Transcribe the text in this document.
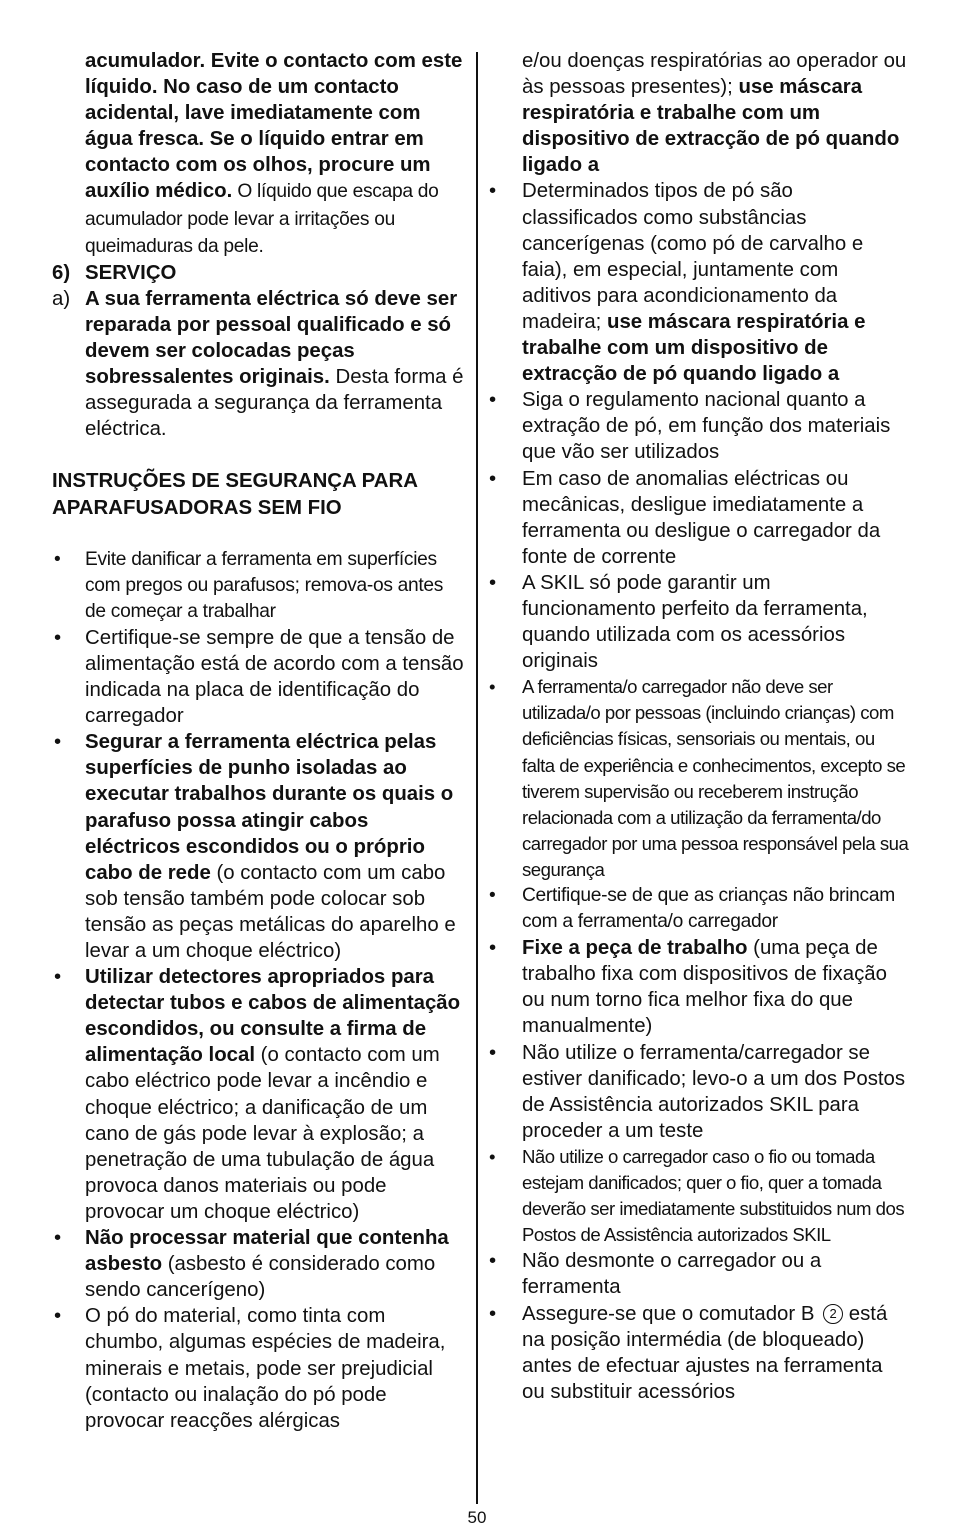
acumulador. Evite o contacto com este líquido. No caso de um contacto acidental, lave imediatamente com água fresca. Se o líquido entrar em contacto com os olhos, procure um auxílio médico. O líquido que escapa do acumulador pode levar a irritações ou queimaduras da pele.

6) SERVIÇO

a) A sua ferramenta eléctrica só deve ser reparada por pessoal qualificado e só devem ser colocadas peças sobressalentes originais. Desta forma é assegurada a segurança da ferramenta eléctrica.

INSTRUÇÕES DE SEGURANÇA PARA APARAFUSADORAS SEM FIO

• Evite danificar a ferramenta em superfícies com pregos ou parafusos; remova-os antes de começar a trabalhar

• Certifique-se sempre de que a tensão de alimentação está de acordo com a tensão indicada na placa de identificação do carregador

• Segurar a ferramenta eléctrica pelas superfícies de punho isoladas ao executar trabalhos durante os quais o parafuso possa atingir cabos eléctricos escondidos ou o próprio cabo de rede (o contacto com um cabo sob tensão também pode colocar sob tensão as peças metálicas do aparelho e levar a um choque eléctrico)

• Utilizar detectores apropriados para detectar tubos e cabos de alimentação escondidos, ou consulte a firma de alimentação local (o contacto com um cabo eléctrico pode levar a incêndio e choque eléctrico; a danificação de um cano de gás pode levar à explosão; a penetração de uma tubulação de água provoca danos materiais ou pode provocar um choque eléctrico)

• Não processar material que contenha asbesto (asbesto é considerado como sendo cancerígeno)

• O pó do material, como tinta com chumbo, algumas espécies de madeira, minerais e metais, pode ser prejudicial (contacto ou inalação do pó pode provocar reacções alérgicas

e/ou doenças respiratórias ao operador ou às pessoas presentes); use máscara respiratória e trabalhe com um dispositivo de extracção de pó quando ligado a

• Determinados tipos de pó são classificados como substâncias cancerígenas (como pó de carvalho e faia), em especial, juntamente com aditivos para acondicionamento da madeira; use máscara respiratória e trabalhe com um dispositivo de extracção de pó quando ligado a

• Siga o regulamento nacional quanto a extração de pó, em função dos materiais que vão ser utilizados

• Em caso de anomalias eléctricas ou mecânicas, desligue imediatamente a ferramenta ou desligue o carregador da fonte de corrente

• A SKIL só pode garantir um funcionamento perfeito da ferramenta, quando utilizada com os acessórios originais

• A ferramenta/o carregador não deve ser utilizada/o por pessoas (incluindo crianças) com deficiências físicas, sensoriais ou mentais, ou falta de experiência e conhecimentos, excepto se tiverem supervisão ou receberem instrução relacionada com a utilização da ferramenta/do carregador por uma pessoa responsável pela sua segurança

• Certifique-se de que as crianças não brincam com a ferramenta/o carregador

• Fixe a peça de trabalho (uma peça de trabalho fixa com dispositivos de fixação ou num torno fica melhor fixa do que manualmente)

• Não utilize o ferramenta/carregador se estiver danificado; levo-o a um dos Postos de Assistência autorizados SKIL para proceder a um teste

• Não utilize o carregador caso o fio ou tomada estejam danificados; quer o fio, quer a tomada deverão ser imediatamente substituidos num dos Postos de Assistência autorizados SKIL

• Não desmonte o carregador ou a ferramenta

• Assegure-se que o comutador B 2 está na posição intermédia (de bloqueado) antes de efectuar ajustes na ferramenta ou substituir acessórios

50
